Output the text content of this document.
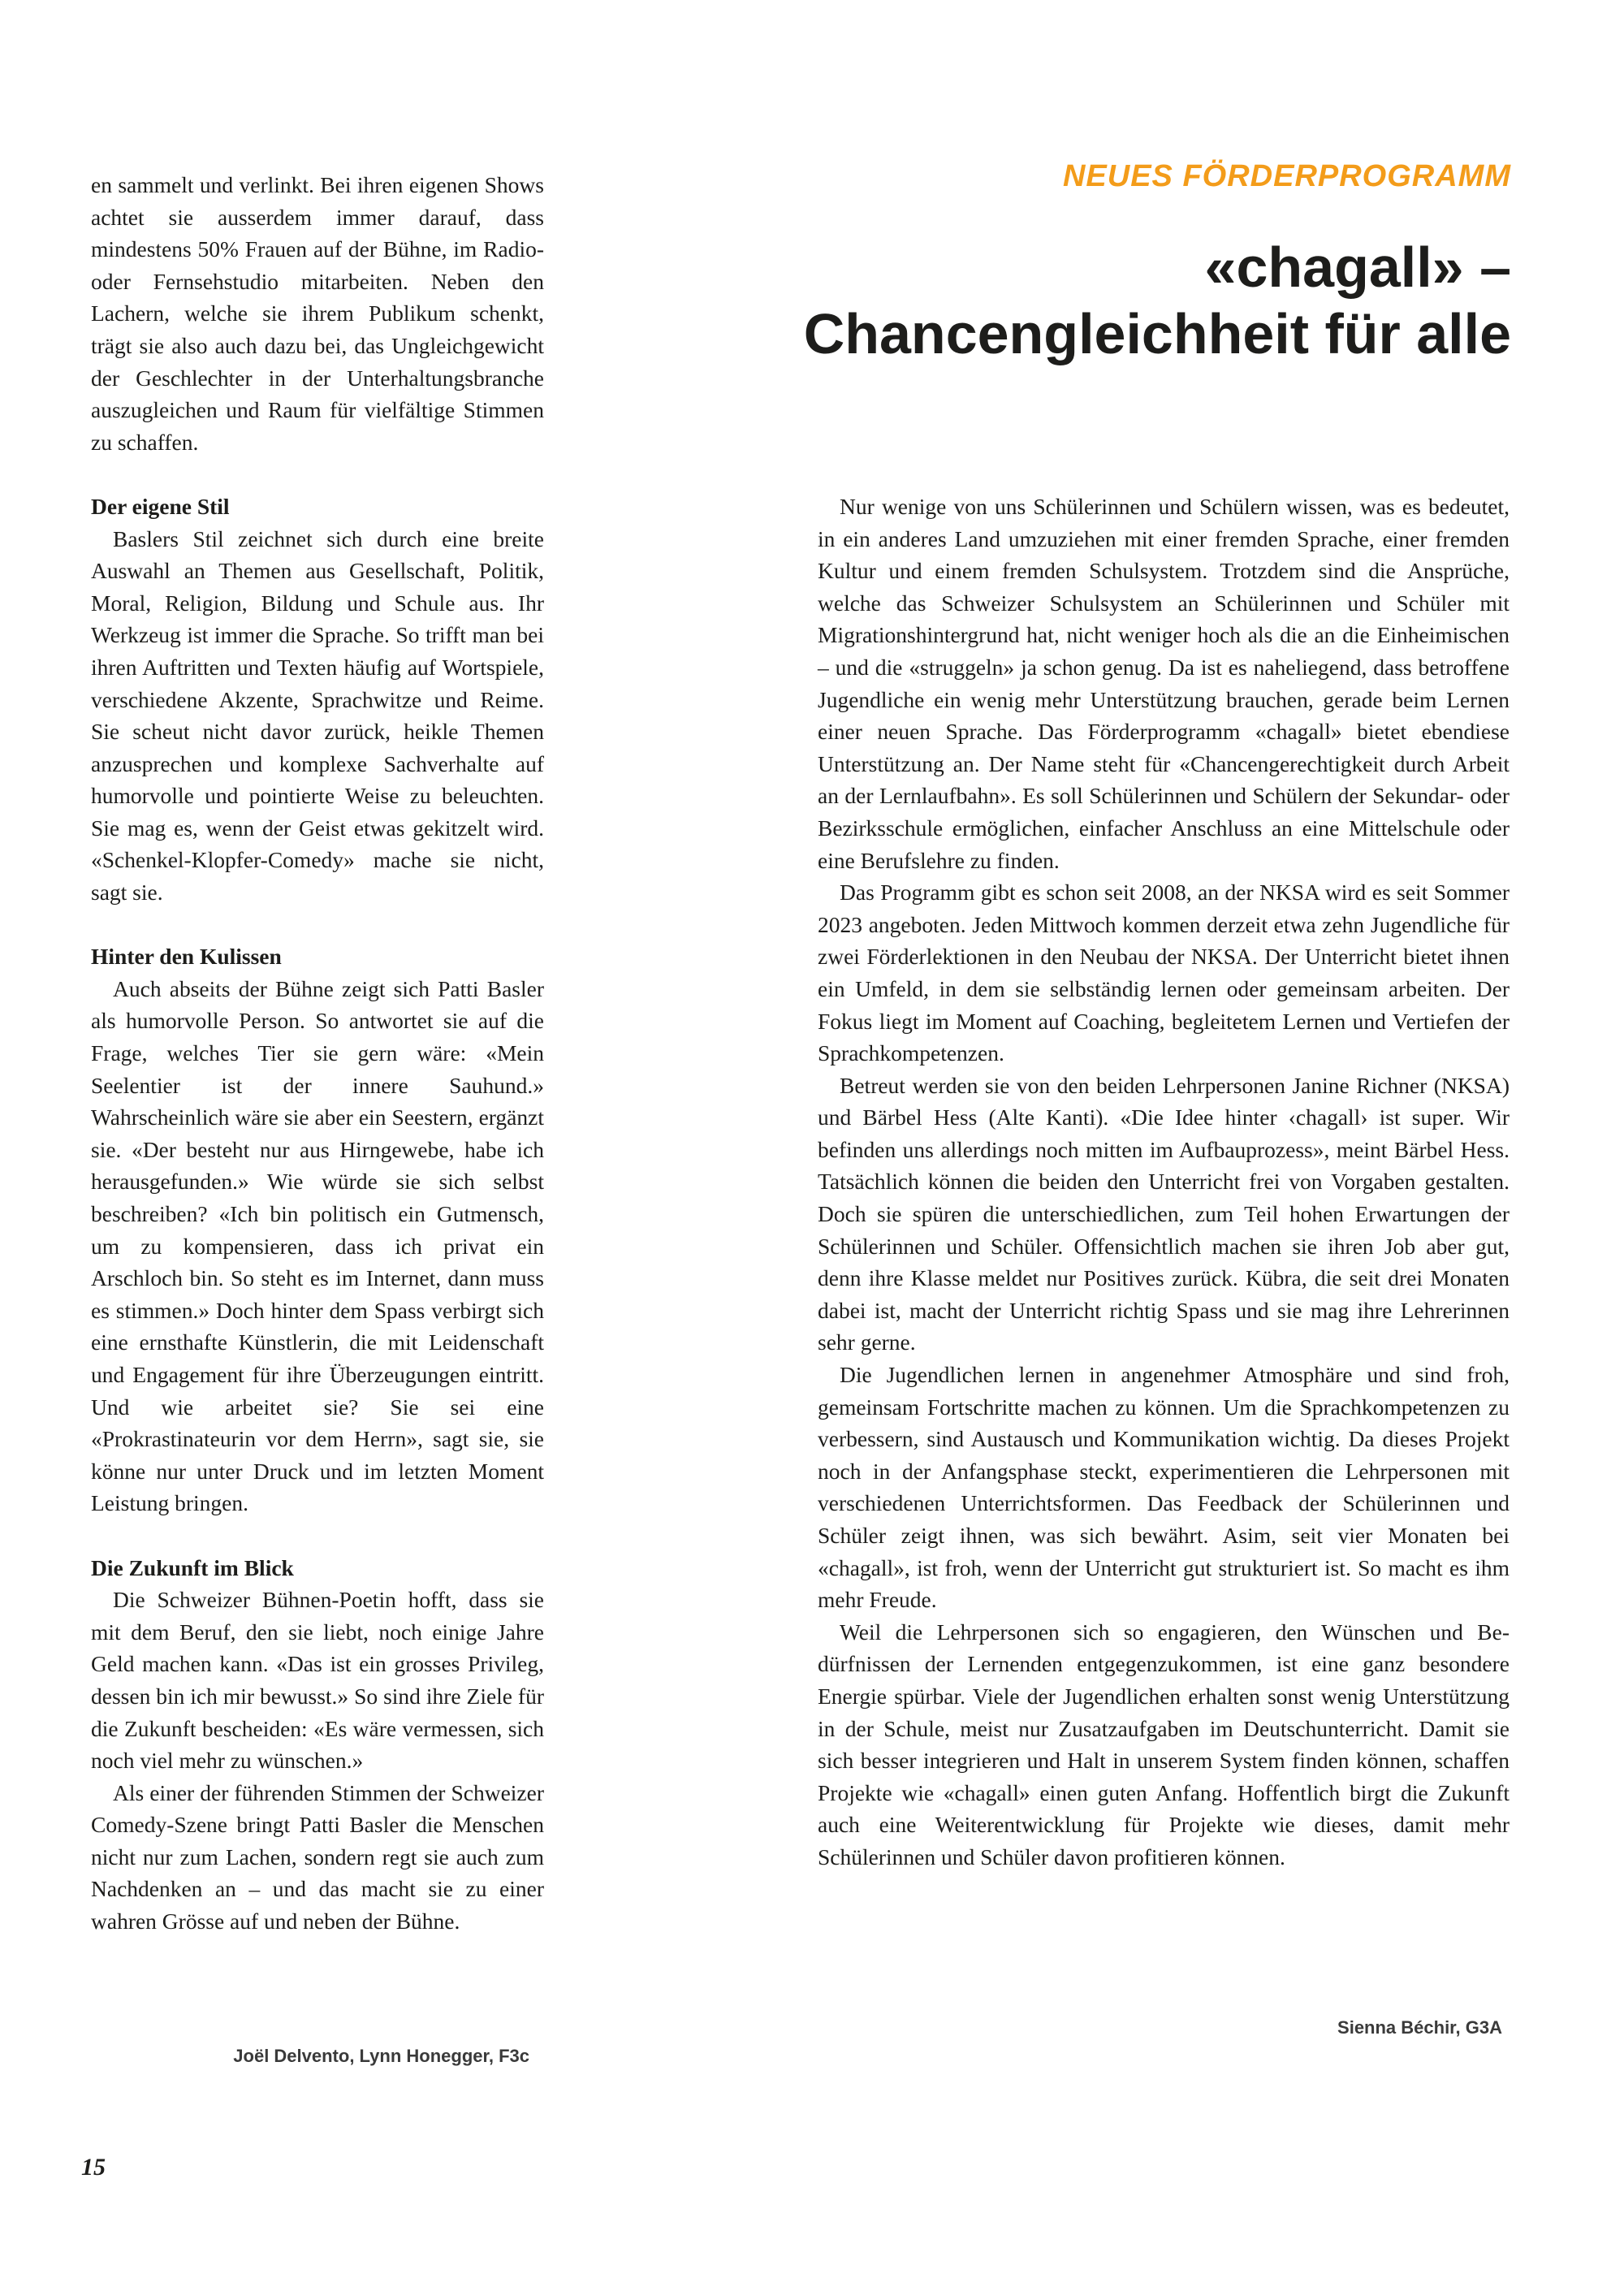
NEUES FÖRDERPROGRAMM
«chagall» –
Chancengleichheit für alle

en sammelt und verlinkt. Bei ihren eigenen Shows achtet sie ausserdem immer darauf, dass mindestens 50% Frauen auf der Bühne, im Radio- oder Fernsehstudio mitarbeiten. Neben den Lachern, welche sie ihrem Publikum schenkt, trägt sie also auch dazu bei, das Ungleichgewicht der Geschlechter in der Unterhaltungsbranche auszugleichen und Raum für vielfältige Stimmen zu schaffen.

Der eigene Stil

Baslers Stil zeichnet sich durch eine breite Auswahl an Themen aus Gesellschaft, Politik, Moral, Religion, Bildung und Schule aus. Ihr Werkzeug ist immer die Sprache. So trifft man bei ihren Auftritten und Texten häufig auf Wortspiele, verschiedene Akzente, Sprachwitze und Reime. Sie scheut nicht davor zurück, heikle Themen anzusprechen und komplexe Sachverhalte auf humorvolle und pointierte Weise zu beleuchten. Sie mag es, wenn der Geist etwas gekitzelt wird. «Schenkel-Klopfer-Comedy» mache sie nicht, sagt sie.

Hinter den Kulissen

Auch abseits der Bühne zeigt sich Patti Basler als humorvolle Person. So antwortet sie auf die Frage, welches Tier sie gern wäre: «Mein Seelentier ist der innere Sauhund.» Wahrscheinlich wäre sie aber ein Seestern, ergänzt sie. «Der besteht nur aus Hirngewebe, habe ich herausgefunden.» Wie würde sie sich selbst beschreiben? «Ich bin politisch ein Gutmensch, um zu kompensieren, dass ich privat ein Arschloch bin. So steht es im Internet, dann muss es stimmen.» Doch hinter dem Spass verbirgt sich eine ernsthafte Künstlerin, die mit Leidenschaft und Engagement für ihre Überzeugungen eintritt. Und wie arbeitet sie? Sie sei eine «Prokrastinateurin vor dem Herrn», sagt sie, sie könne nur unter Druck und im letzten Moment Leistung bringen.

Die Zukunft im Blick

Die Schweizer Bühnen-Poetin hofft, dass sie mit dem Beruf, den sie liebt, noch einige Jahre Geld machen kann. «Das ist ein grosses Privileg, dessen bin ich mir bewusst.» So sind ihre Ziele für die Zukunft bescheiden: «Es wäre vermessen, sich noch viel mehr zu wünschen.»

Als einer der führenden Stimmen der Schweizer Comedy-Szene bringt Patti Basler die Menschen nicht nur zum Lachen, sondern regt sie auch zum Nachdenken an – und das macht sie zu einer wahren Grösse auf und neben der Bühne.

Joël Delvento, Lynn Honegger, F3c

Nur wenige von uns Schülerinnen und Schülern wissen, was es bedeutet, in ein anderes Land umzuziehen mit einer fremden Sprache, einer fremden Kultur und einem fremden Schulsystem. Trotzdem sind die Ansprüche, welche das Schweizer Schulsystem an Schülerinnen und Schüler mit Migrationshintergrund hat, nicht weniger hoch als die an die Einheimischen – und die «struggeln» ja schon genug. Da ist es naheliegend, dass betroffene Jugendliche ein wenig mehr Unterstützung brauchen, gerade beim Lernen einer neuen Sprache. Das Förderprogramm «chagall» bietet ebendiese Unterstützung an. Der Name steht für «Chancengerechtigkeit durch Arbeit an der Lernlaufbahn». Es soll Schülerinnen und Schülern der Sekundar- oder Bezirksschule ermöglichen, einfacher Anschluss an eine Mittelschule oder eine Berufslehre zu finden.

Das Programm gibt es schon seit 2008, an der NKSA wird es seit Sommer 2023 angeboten. Jeden Mittwoch kommen derzeit etwa zehn Jugendliche für zwei Förderlektionen in den Neubau der NKSA. Der Unterricht bietet ihnen ein Umfeld, in dem sie selbständig lernen oder gemeinsam arbeiten. Der Fokus liegt im Moment auf Coaching, begleitetem Lernen und Vertiefen der Sprachkompetenzen.

Betreut werden sie von den beiden Lehrpersonen Janine Richner (NKSA) und Bärbel Hess (Alte Kanti). «Die Idee hinter ‹chagall› ist super. Wir befinden uns allerdings noch mitten im Aufbauprozess», meint Bärbel Hess. Tatsächlich können die beiden den Unterricht frei von Vorgaben gestalten. Doch sie spüren die unterschiedlichen, zum Teil hohen Erwartungen der Schülerinnen und Schüler. Offensichtlich machen sie ihren Job aber gut, denn ihre Klasse meldet nur Positives zurück. Kübra, die seit drei Monaten dabei ist, macht der Unterricht richtig Spass und sie mag ihre Lehrerinnen sehr gerne.

Die Jugendlichen lernen in angenehmer Atmosphäre und sind froh, gemeinsam Fortschritte machen zu können. Um die Sprachkompetenzen zu verbessern, sind Austausch und Kommunikation wichtig. Da dieses Projekt noch in der Anfangsphase steckt, experimentieren die Lehrpersonen mit verschiedenen Unterrichtsformen. Das Feedback der Schülerinnen und Schüler zeigt ihnen, was sich bewährt. Asim, seit vier Monaten bei «chagall», ist froh, wenn der Unterricht gut strukturiert ist. So macht es ihm mehr Freude.

Weil die Lehrpersonen sich so engagieren, den Wünschen und Bedürfnissen der Lernenden entgegenzukommen, ist eine ganz besondere Energie spürbar. Viele der Jugendlichen erhalten sonst wenig Unterstützung in der Schule, meist nur Zusatzaufgaben im Deutschunterricht. Damit sie sich besser integrieren und Halt in unserem System finden können, schaffen Projekte wie «chagall» einen guten Anfang. Hoffentlich birgt die Zukunft auch eine Weiterentwicklung für Projekte wie dieses, damit mehr Schülerinnen und Schüler davon profitieren können.

Sienna Béchir, G3A
15
